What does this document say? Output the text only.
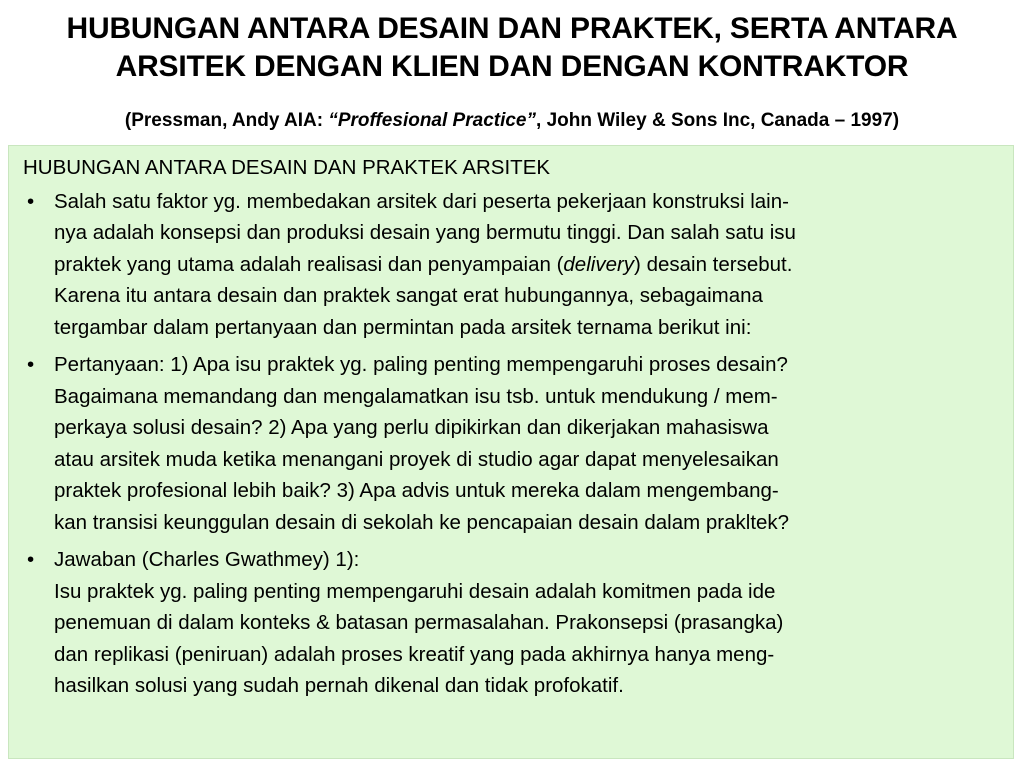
HUBUNGAN ANTARA DESAIN DAN PRAKTEK, SERTA ANTARA
ARSITEK DENGAN KLIEN DAN DENGAN KONTRAKTOR
(Pressman, Andy AIA: “Proffesional Practice”, John Wiley & Sons Inc, Canada – 1997)
HUBUNGAN ANTARA DESAIN DAN PRAKTEK ARSITEK
• Salah satu faktor yg. membedakan arsitek dari peserta pekerjaan konstruksi lain-
nya adalah konsepsi dan produksi desain yang bermutu tinggi. Dan salah satu isu
praktek yang utama adalah realisasi dan penyampaian (delivery) desain tersebut.
Karena itu antara desain dan praktek sangat erat hubungannya, sebagaimana
tergambar dalam pertanyaan dan permintan pada arsitek ternama berikut ini:
• Pertanyaan: 1) Apa isu praktek yg. paling penting mempengaruhi proses desain?
Bagaimana memandang dan mengalamatkan isu tsb. untuk mendukung / mem-
perkaya solusi desain? 2) Apa yang perlu dipikirkan dan dikerjakan mahasiswa
atau arsitek muda ketika menangani proyek di studio agar dapat menyelesaikan
praktek profesional lebih baik? 3) Apa advis untuk mereka dalam mengembang-
kan transisi keunggulan desain di sekolah ke pencapaian desain dalam prakltek?
• Jawaban (Charles Gwathmey) 1):
Isu praktek yg. paling penting mempengaruhi desain adalah komitmen pada ide
penemuan di dalam konteks & batasan permasalahan. Prakonsepsi (prasangka)
dan replikasi (peniruan) adalah proses kreatif yang pada akhirnya hanya meng-
hasilkan solusi yang sudah pernah dikenal dan tidak profokatif.
